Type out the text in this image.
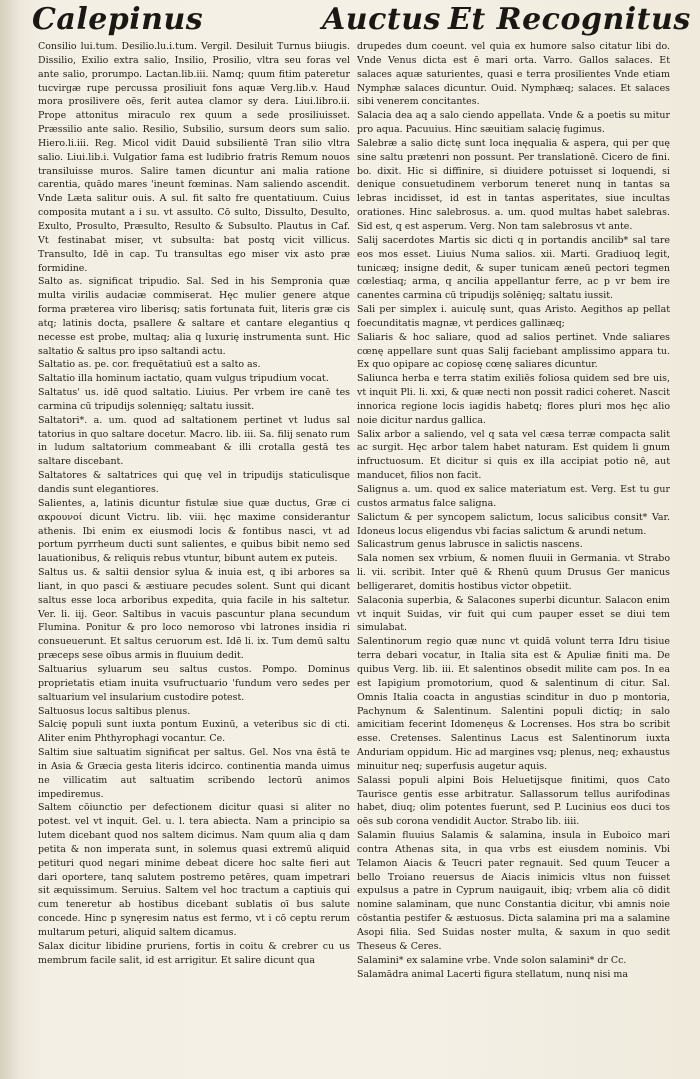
Calepinus	Auctus Et Recognitus

Consilio lui.tum. Desilio.lu.i.tum. Vergil. Desiluit Turnus biiugis. Dissilio, Exilio extra salio, Insilio, Prosilio, vltra seu foras vel ante salio, prorumpo. Lactan.lib.iii. Namq; quum fitim pateretur tucvirgæ rupe percussa prosiliuit fons aquæ Verg.lib.v. Haud mora prosilivere oēs, ferit autea clamor sy dera. Liui.libro.ii. Prope attonitus miraculo rex quum a sede prosiliuisset. Præssilio ante salio. Resilio, Subsilio, sursum deors sum salio. Hiero.li.iii. Reg. Micol vidit Dauid subsilientē Tran silio vltra salio. Liui.lib.i. Vulgatior fama est ludibrio fratris Remum nouos transiluisse muros. Salire tamen dicuntur ani malia ratione carentia, quādo mares 'ineunt fœminas. Nam saliendo ascendit. Vnde Læta salitur ouis. A sul. fit salto fre quentatiuum. Cuius composita mutant a i su. vt assulto. Cō sulto, Dissulto, Desulto, Exulto, Prosulto, Præsulto, Resulto & Subsulto. Plautus in Caf. Vt festinabat miser, vt subsulta: bat postq vicit villicus. Transulto, Idē in cap. Tu transultas ego miser vix asto præ formidine.

Salto as. significat tripudio. Sal. Sed in his Sempronia quæ multa virilis audaciæ commiserat. Hęc mulier genere atque forma præterea viro liberisq; satis fortunata fuit, literis græ cis atq; latinis docta, psallere & saltare et cantare elegantius q necesse est probe, multaq; alia q luxurię instrumenta sunt. Hic saltatio & saltus pro ipso saltandi actu.

Saltatio as. pe. cor. frequētatiuū est a salto as.

Saltatio illa hominum iactatio, quam vulgus tripudium vocat.

Saltatus' us. idē quod saltatio. Liuius. Per vrbem ire canē tes carmina cū tripudijs solennięq; saltatu iussit.

Saltatori*. a. um. quod ad saltationem pertinet vt ludus sal tatorius in quo saltare docetur. Macro. lib. iii. Sa. filij senato rum in ludum saltatorium commeabant & illi crotalla gestā tes saltare discebant.

Saltatores & saltatrices qui quę vel in tripudijs staticulisque dandis sunt elegantiores.

Salientes, a, latinis dicuntur fistulæ siue quæ ductus, Græ ci ακρουνοί dicunt Victru. lib. viii. hęc maxime considerantur athenis. Ibi enim ex eiusmodi locis & fontibus nasci, vt ad portum pyrrheum ducti sunt salientes, e quibus bibit nemo sed lauationibus, & reliquis rebus vtuntur, bibunt autem ex puteis.

Saltus us. & saltii densior sylua & inuia est, q ibi arbores sa liant, in quo pasci & æstiuare pecudes solent. Sunt qui dicant saltus esse loca arboribus expedita, quia facile in his saltetur. Ver. li. iij. Geor. Saltibus in vacuis pascuntur plana secundum Flumina. Ponitur & pro loco nemoroso vbi latrones insidia ri consueuerunt. Et saltus ceruorum est. Idē li. ix. Tum demū saltu præceps sese oībus armis in fluuium dedit.

Saltuarius syluarum seu saltus custos. Pompo. Dominus proprietatis etiam inuita vsufructuario 'fundum vero sedes per saltuarium vel insularium custodire potest.

Saltuosus locus saltibus plenus.

Salcię populi sunt iuxta pontum Euxinū, a veteribus sic di cti. Aliter enim Phthyrophagi vocantur. Ce.

Saltim siue saltuatim significat per saltus. Gel. Nos vna ēstā te in Asia & Græcia gesta literis idcirco. continentia manda uimus ne villicatim aut saltuatim scribendo lectorū animos impediremus.

Saltem cōiunctio per defectionem dicitur quasi si aliter no potest. vel vt inquit. Gel. u. l. tera abiecta. Nam a principio sa lutem dicebant quod nos saltem dicimus. Nam quum alia q dam petita & non imperata sunt, in solemus quasi extremū aliquid petituri quod negari minime debeat dicere hoc salte fieri aut dari oportere, tanq salutem postremo petēres, quam impetrari sit æquissimum. Seruius. Saltem vel hoc tractum a captiuis qui cum teneretur ab hostibus dicebant sublatis oī bus salute concede. Hinc p synęresim natus est fermo, vt i cō ceptu rerum multarum peturi, aliquid saltem dicamus.

Salax dicitur libidine pruriens, fortis in coitu & crebrer cu us membrum facile salit, id est arrigitur. Et salire dicunt qua

drupedes dum coeunt. vel quia ex humore salso citatur libi do. Vnde Venus dicta est ē mari orta. Varro. Gallos salaces. Et salaces aquæ saturientes, quasi e terra prosilientes Vnde etiam Nymphæ salaces dicuntur. Ouid. Nymphæq; salaces. Et salaces sibi venerem concitantes.

Salacia dea aq a salo ciendo appellata. Vnde & a poetis su mitur pro aqua. Pacuuius. Hinc sæuitiam salacię fugimus.

Salebræ a salio dictę sunt loca inęqualia & aspera, qui per quę sine saltu prætenri non possunt. Per translationē. Cicero de fini. bo. dixit. Hic si diffinire, si diuidere potuisset si loquendi, si denique consuetudinem verborum teneret nunq in tantas sa lebras incidisset, id est in tantas asperitates, siue incultas orationes. Hinc salebrosus. a. um. quod multas habet salebras. Sid est, q est asperum. Verg. Non tam salebrosus vt ante.

Salij sacerdotes Martis sic dicti q in portandis ancilib* sal tare eos mos esset. Liuius Numa salios. xii. Marti. Gradiuoq legit, tunicæq; insigne dedit, & super tunicam æneū pectori tegmen cœlestiaq; arma, q ancilia appellantur ferre, ac p vr bem ire canentes carmina cū tripudijs solēnięq; saltatu iussit.

Sali per simplex i. auiculę sunt, quas Aristo. Aegithos ap pellat foecunditatis magnæ, vt perdices gallinæq;

Saliaris & hoc saliare, quod ad salios pertinet. Vnde saliares cœnę appellare sunt quas Salij faciebant amplissimo appara tu. Ex quo opipare ac copiosę cœnę saliares dicuntur.

Saliunca herba e terra statim exiliēs foliosa quidem sed bre uis, vt inquit Pli. li. xxi, & quæ necti non possit radici coheret. Nascit innorica regione locis iagidis habetq; flores pluri mos hęc alio noie dicitur nardus gallica.

Salix arbor a saliendo, vel q sata vel cæsa terræ compacta salit ac surgit. Hęc arbor talem habet naturam. Est quidem li gnum infructuosum. Et dicitur si quis ex illa accipiat potio nē, aut manducet, filios non facit.

Salignus a. um. quod ex salice materiatum est. Verg. Est tu gur custos armatus falce saligna.

Salictum & per syncopem salictum, locus salicibus consit* Var. Idoneus locus eligendus vbi facias salictum & arundi netum.

Salicastrum genus labrusce in salictis nascens.

Sala nomen sex vrbium, & nomen fluuii in Germania. vt Strabo li. vii. scribit. Inter quē & Rhenū quum Drusus Ger manicus belligeraret, domitis hostibus victor obpetiit.

Salaconia superbia, & Salacones superbi dicuntur. Salacon enim vt inquit Suidas, vir fuit qui cum pauper esset se diui tem simulabat.

Salentinorum regio quæ nunc vt quidā volunt terra Idru tisiue terra debari vocatur, in Italia sita est & Apuliæ finiti ma. De quibus Verg. lib. iii. Et salentinos obsedit milite cam pos. In ea est Iapigium promotorium, quod & salentinum di citur. Sal. Omnis Italia coacta in angustias scinditur in duo p montoria, Pachynum & Salentinum. Salentini populi dictiq; in salo amicitiam fecerint Idomenęus & Locrenses. Hos stra bo scribit esse. Cretenses. Salentinus Lacus est Salentinorum iuxta Anduriam oppidum. Hic ad margines vsq; plenus, neq; exhaustus minuitur neq; superfusis augetur aquis.

Salassi populi alpini Bois Heluetijsque finitimi, quos Cato Taurisce gentis esse arbitratur. Sallassorum tellus aurifodinas habet, diuq; olim potentes fuerunt, sed P. Lucinius eos duci tos oēs sub corona vendidit Auctor. Strabo lib. iiii.

Salamin fluuius Salamis & salamina, insula in Euboico mari contra Athenas sita, in qua vrbs est eiusdem nominis. Vbi Telamon Aiacis & Teucri pater regnauit. Sed quum Teucer a bello Troiano reuersus de Aiacis inimicis vltus non fuisset expulsus a patre in Cyprum nauigauit, ibiq; vrbem alia cō didit nomine salaminam, que nunc Constantia dicitur, vbi amnis noie cōstantia pestifer & æstuosus. Dicta salamina pri ma a salamine Asopi filia. Sed Suidas noster multa, & saxum in quo sedit Theseus & Ceres.

Salamini* ex salamine vrbe. Vnde solon salamini* dr Cc.

Salamādra animal Lacerti figura stellatum, nunq nisi ma
